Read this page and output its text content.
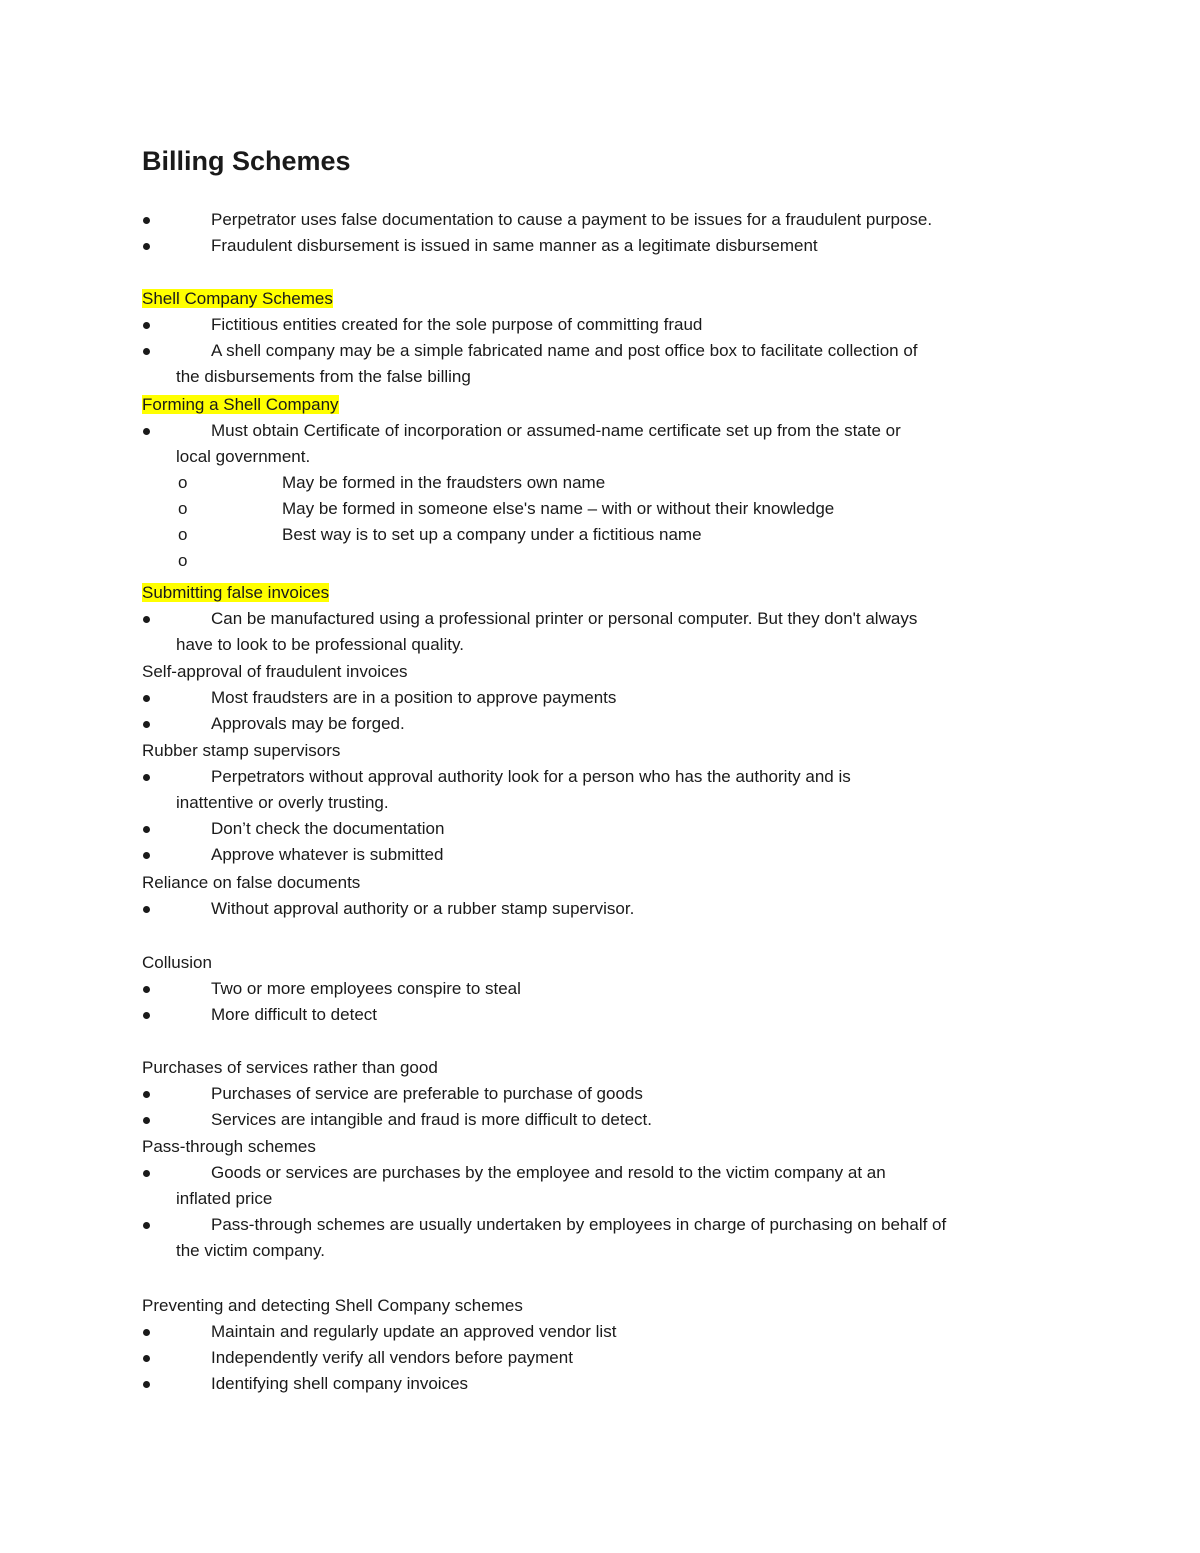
Billing Schemes
Perpetrator uses false documentation to cause a payment to be issues for a fraudulent purpose.
Fraudulent disbursement is issued in same manner as a legitimate disbursement
Shell Company Schemes
Fictitious entities created for the sole purpose of committing fraud
A shell company may be a simple fabricated name and post office box to facilitate collection of
the disbursements from the false billing
Forming a Shell Company
Must obtain Certificate of incorporation or assumed-name certificate set up from the state or
local government.
o	May be formed in the fraudsters own name
o	May be formed in someone else's name – with or without their knowledge
o	Best way is to set up a company under a fictitious name
o
Submitting false invoices
Can be manufactured using a professional printer or personal computer. But they don't always
have to look to be professional quality.
Self-approval of fraudulent invoices
Most fraudsters are in a position to approve payments
Approvals may be forged.
Rubber stamp supervisors
Perpetrators without approval authority look for a person who has the authority and is
inattentive or overly trusting.
Don’t check the documentation
Approve whatever is submitted
Reliance on false documents
Without approval authority or a rubber stamp supervisor.
Collusion
Two or more employees conspire to steal
More difficult to detect
Purchases of services rather than good
Purchases of service are preferable to purchase of goods
Services are intangible and fraud is more difficult to detect.
Pass-through schemes
Goods or services are purchases by the employee and resold to the victim company at an
inflated price
Pass-through schemes are usually undertaken by employees in charge of purchasing on behalf of
the victim company.
Preventing and detecting Shell Company schemes
Maintain and regularly update an approved vendor list
Independently verify all vendors before payment
Identifying shell company invoices
